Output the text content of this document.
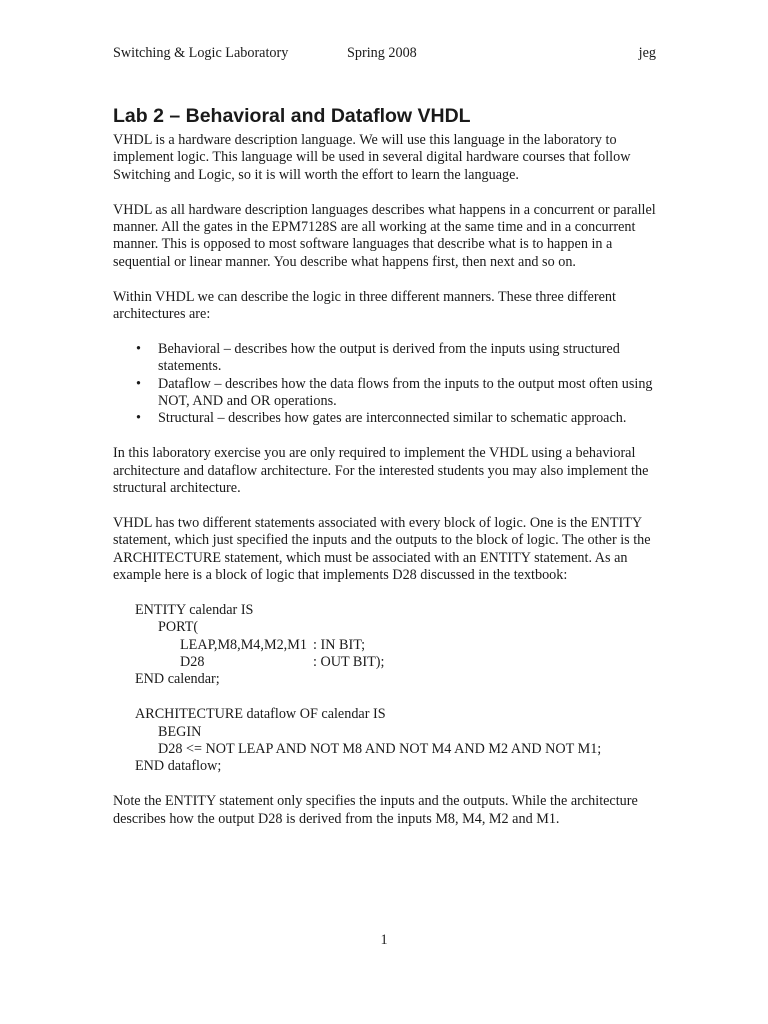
Switching & Logic Laboratory	Spring 2008	jeg
Lab 2 – Behavioral and Dataflow VHDL

VHDL is a hardware description language. We will use this language in the laboratory to implement logic. This language will be used in several digital hardware courses that follow Switching and Logic, so it is will worth the effort to learn the language.

VHDL as all hardware description languages describes what happens in a concurrent or parallel manner. All the gates in the EPM7128S are all working at the same time and in a concurrent manner. This is opposed to most software languages that describe what is to happen in a sequential or linear manner. You describe what happens first, then next and so on.

Within VHDL we can describe the logic in three different manners. These three different architectures are:

• Behavioral – describes how the output is derived from the inputs using structured statements.
• Dataflow – describes how the data flows from the inputs to the output most often using NOT, AND and OR operations.
• Structural – describes how gates are interconnected similar to schematic approach.

In this laboratory exercise you are only required to implement the VHDL using a behavioral architecture and dataflow architecture. For the interested students you may also implement the structural architecture.

VHDL has two different statements associated with every block of logic. One is the ENTITY statement, which just specified the inputs and the outputs to the block of logic. The other is the ARCHITECTURE statement, which must be associated with an ENTITY statement. As an example here is a block of logic that implements D28 discussed in the textbook:

ENTITY calendar IS
PORT(
LEAP,M8,M4,M2,M1 : IN BIT;
D28	: OUT BIT);
END calendar;
ARCHITECTURE dataflow OF calendar IS
BEGIN
D28 <= NOT LEAP AND NOT M8 AND NOT M4 AND M2 AND NOT M1;
END dataflow;

Note the ENTITY statement only specifies the inputs and the outputs. While the architecture describes how the output D28 is derived from the inputs M8, M4, M2 and M1.

1
